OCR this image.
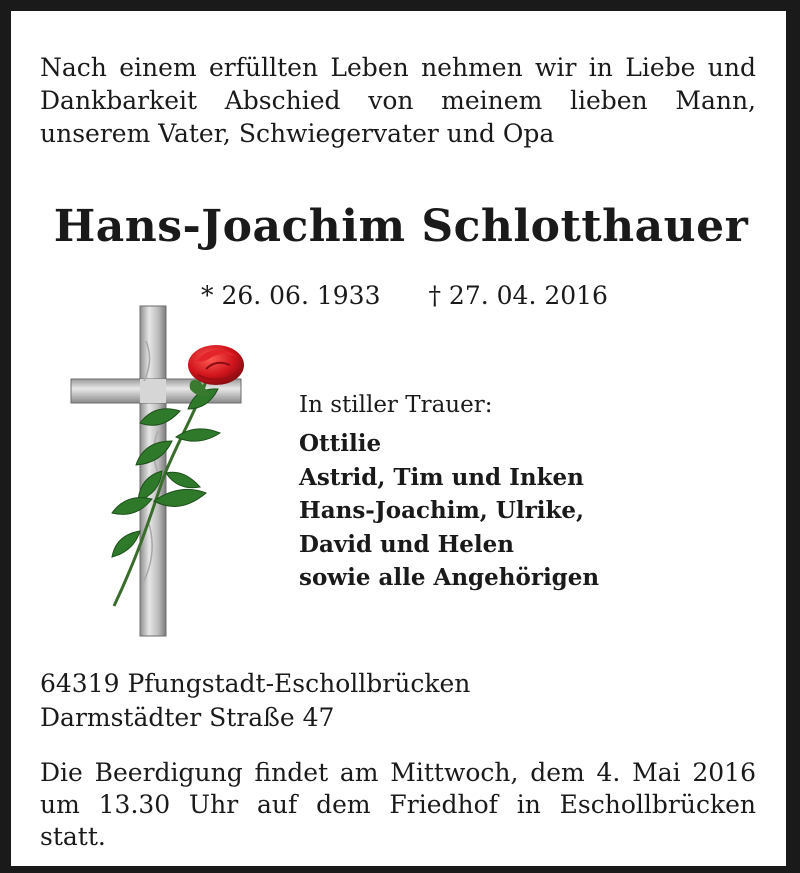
Nach einem erfüllten Leben nehmen wir in Liebe und
Dankbarkeit Abschied von meinem lieben Mann,
unserem Vater, Schwiegervater und Opa

Hans-Joachim Schlotthauer

* 26. 06. 1933 † 27. 04. 2016

In stiller Trauer:

Ottilie
Astrid, Tim und Inken
Hans-Joachim, Ulrike,
David und Helen
sowie alle Angehörigen
64319 Pfungstadt-Eschollbrücken
Darmstädter Straße 47

Die Beerdigung findet am Mittwoch, dem 4. Mai 2016
um 13.30 Uhr auf dem Friedhof in Eschollbrücken
statt.
